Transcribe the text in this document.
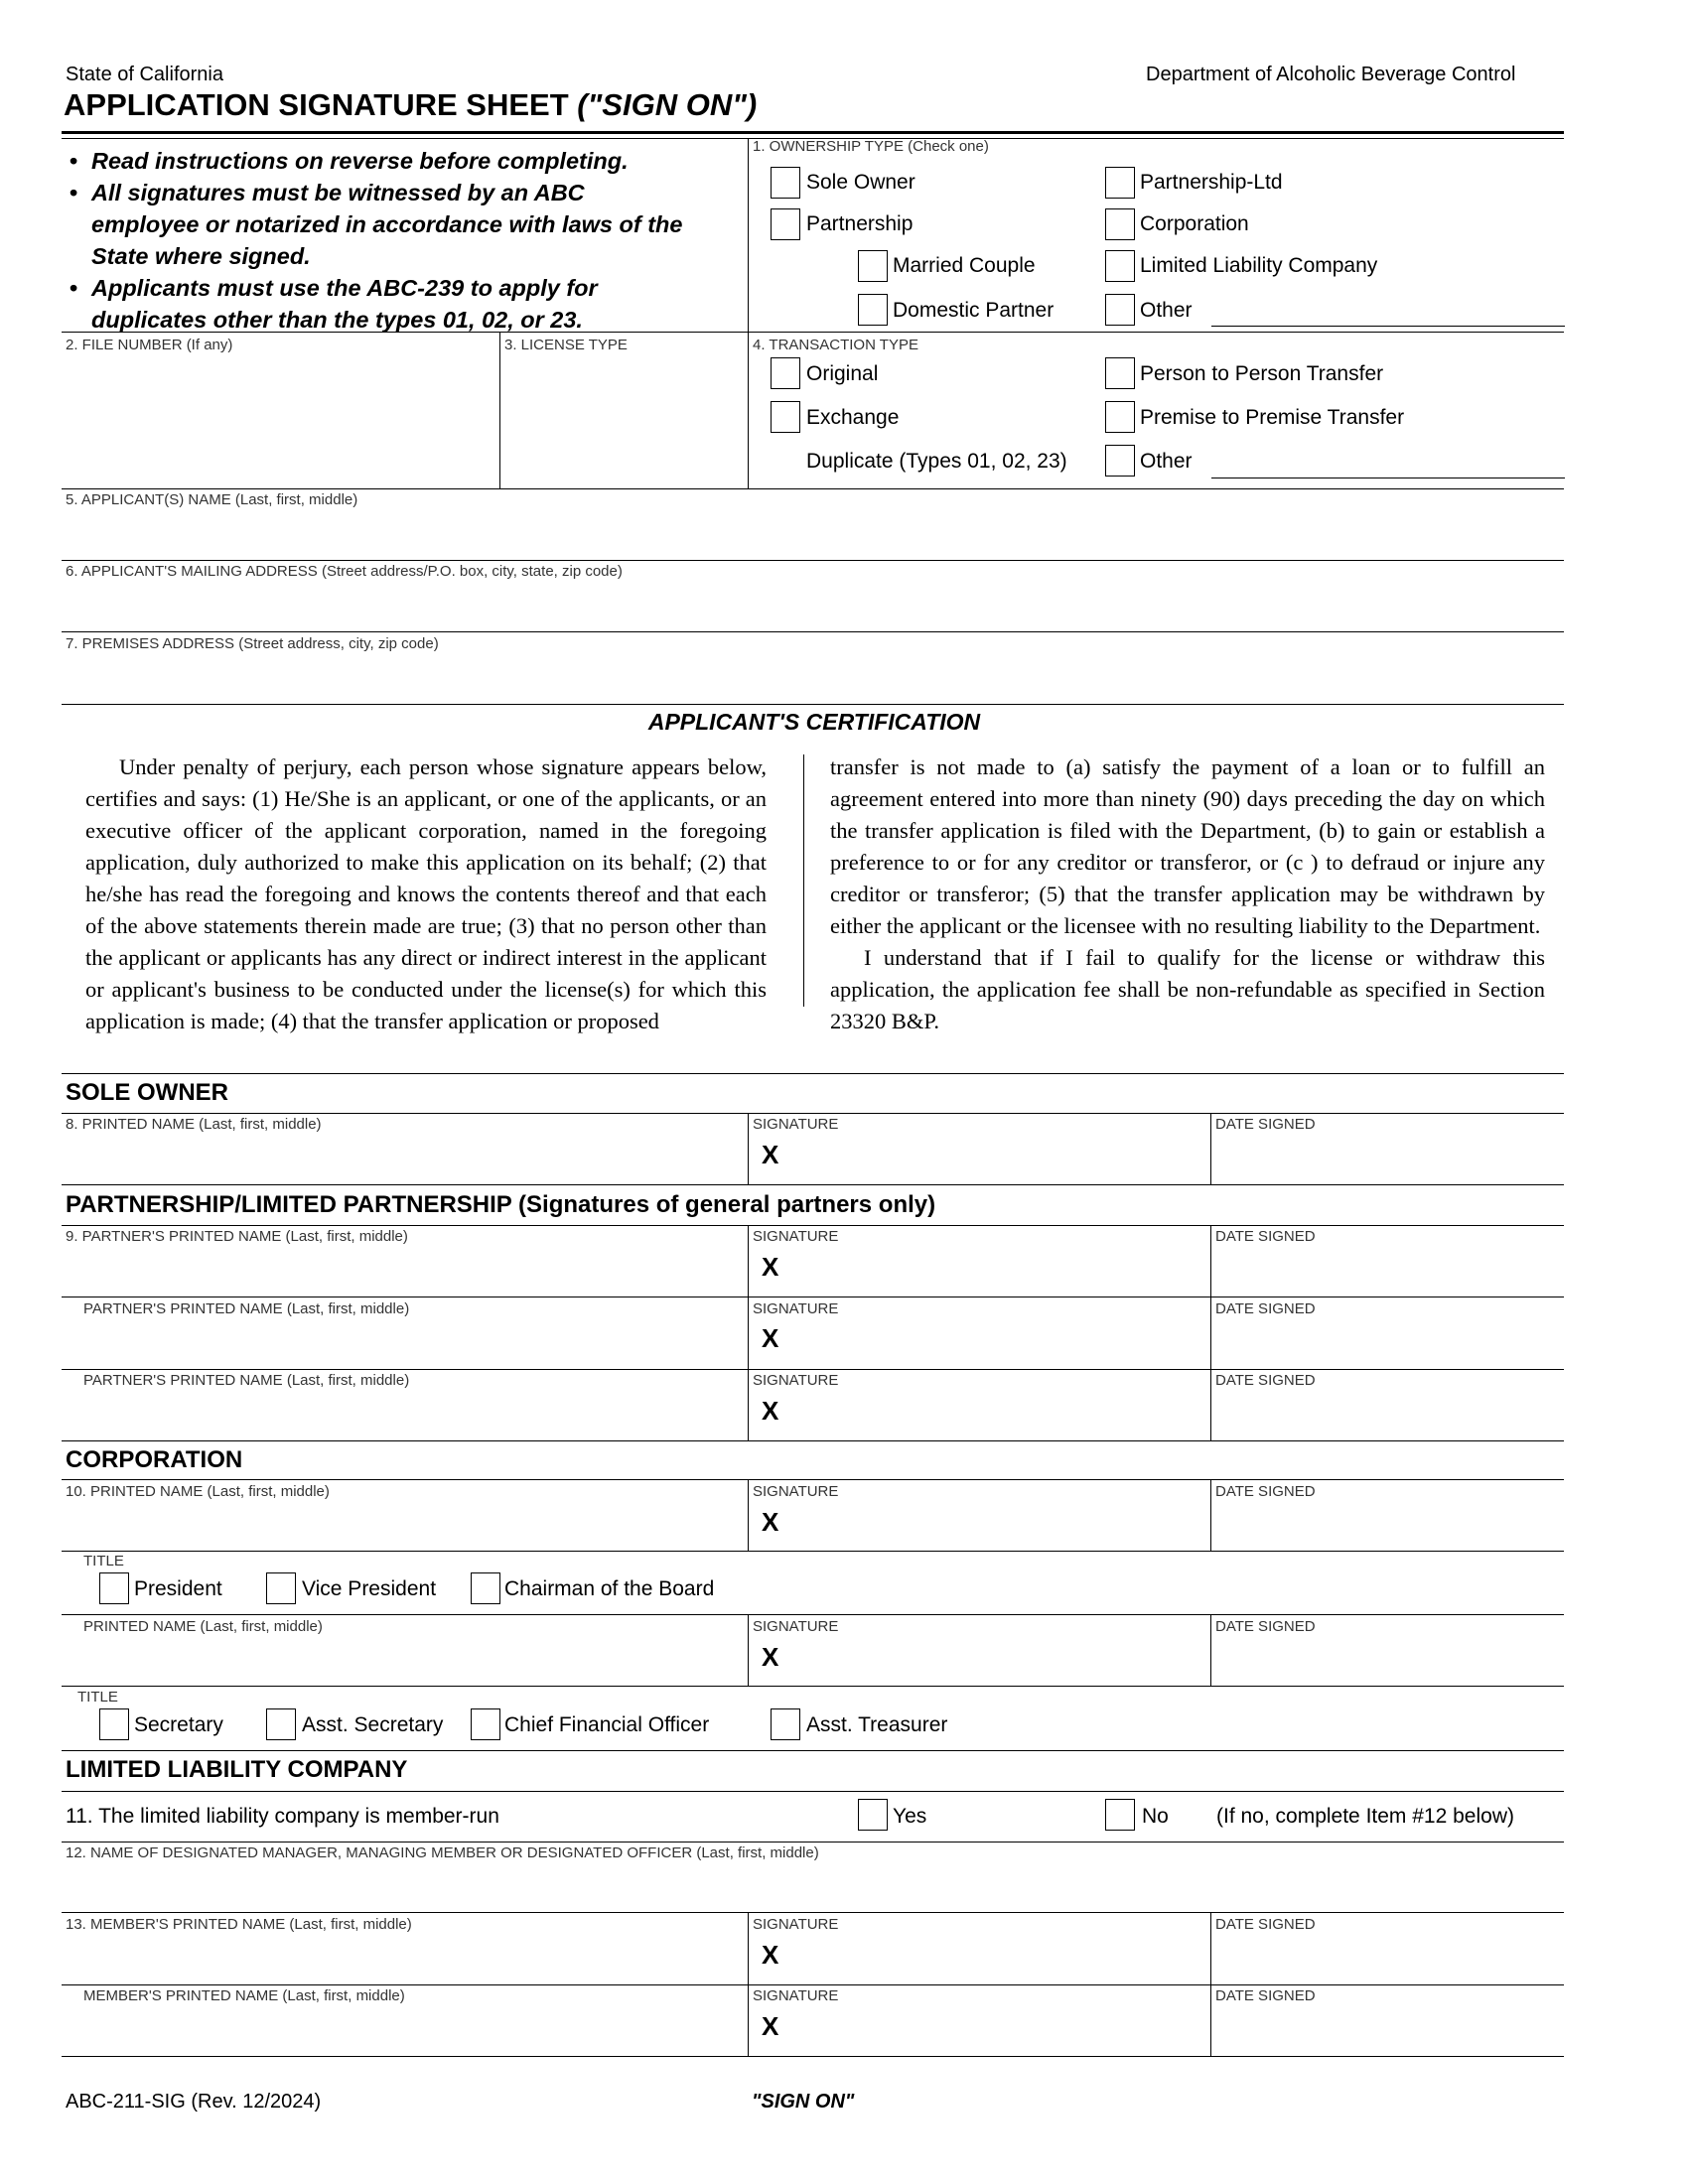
State of California	Department of Alcoholic Beverage Control
APPLICATION SIGNATURE SHEET ("SIGN ON")
• Read instructions on reverse before completing.
• All signatures must be witnessed by an ABC employee or notarized in accordance with laws of the State where signed.
• Applicants must use the ABC-239 to apply for duplicates other than the types 01, 02, or 23.
1. OWNERSHIP TYPE (Check one)
Sole Owner
Partnership
Married Couple
Domestic Partner
Partnership-Ltd
Corporation
Limited Liability Company
Other
2. FILE NUMBER (If any)	3. LICENSE TYPE	4. TRANSACTION TYPE
Original
Exchange
Duplicate (Types 01, 02, 23)
Person to Person Transfer
Premise to Premise Transfer
Other
5. APPLICANT(S) NAME (Last, first, middle)
6. APPLICANT'S MAILING ADDRESS (Street address/P.O. box, city, state, zip code)
7. PREMISES ADDRESS (Street address, city, zip code)
APPLICANT'S CERTIFICATION

Under penalty of perjury, each person whose signature appears below, certifies and says: (1) He/She is an applicant, or one of the applicants, or an executive officer of the applicant corporation, named in the foregoing application, duly authorized to make this application on its behalf; (2) that he/she has read the foregoing and knows the contents thereof and that each of the above statements therein made are true; (3) that no person other than the applicant or applicants has any direct or indirect interest in the applicant or applicant's business to be conducted under the license(s) for which this application is made; (4) that the transfer application or proposed

transfer is not made to (a) satisfy the payment of a loan or to fulfill an agreement entered into more than ninety (90) days preceding the day on which the transfer application is filed with the Department, (b) to gain or establish a preference to or for any creditor or transferor, or (c ) to defraud or injure any creditor or transferor; (5) that the transfer application may be withdrawn by either the applicant or the licensee with no resulting liability to the Department.

I understand that if I fail to qualify for the license or withdraw this application, the application fee shall be non-refundable as specified in Section 23320 B&P.

SOLE OWNER
8. PRINTED NAME (Last, first, middle)	SIGNATURE
X
DATE SIGNED
PARTNERSHIP/LIMITED PARTNERSHIP (Signatures of general partners only)
9. PARTNER'S PRINTED NAME (Last, first, middle)	SIGNATURE
X
DATE SIGNED
PARTNER'S PRINTED NAME (Last, first, middle)	SIGNATURE
X
DATE SIGNED
PARTNER'S PRINTED NAME (Last, first, middle)	SIGNATURE
X
DATE SIGNED
CORPORATION
10. PRINTED NAME (Last, first, middle)	SIGNATURE
X
DATE SIGNED
TITLE
President	Vice President	Chairman of the Board
PRINTED NAME (Last, first, middle)	SIGNATURE
X
DATE SIGNED
TITLE
Secretary	Asst. Secretary	Chief Financial Officer	Asst. Treasurer
LIMITED LIABILITY COMPANY
11. The limited liability company is member-run	Yes	No (If no, complete Item #12 below)
12. NAME OF DESIGNATED MANAGER, MANAGING MEMBER OR DESIGNATED OFFICER (Last, first, middle)
13. MEMBER'S PRINTED NAME (Last, first, middle)	SIGNATURE
X
DATE SIGNED
MEMBER'S PRINTED NAME (Last, first, middle)	SIGNATURE
X
DATE SIGNED
ABC-211-SIG (Rev. 12/2024)	"SIGN ON"
